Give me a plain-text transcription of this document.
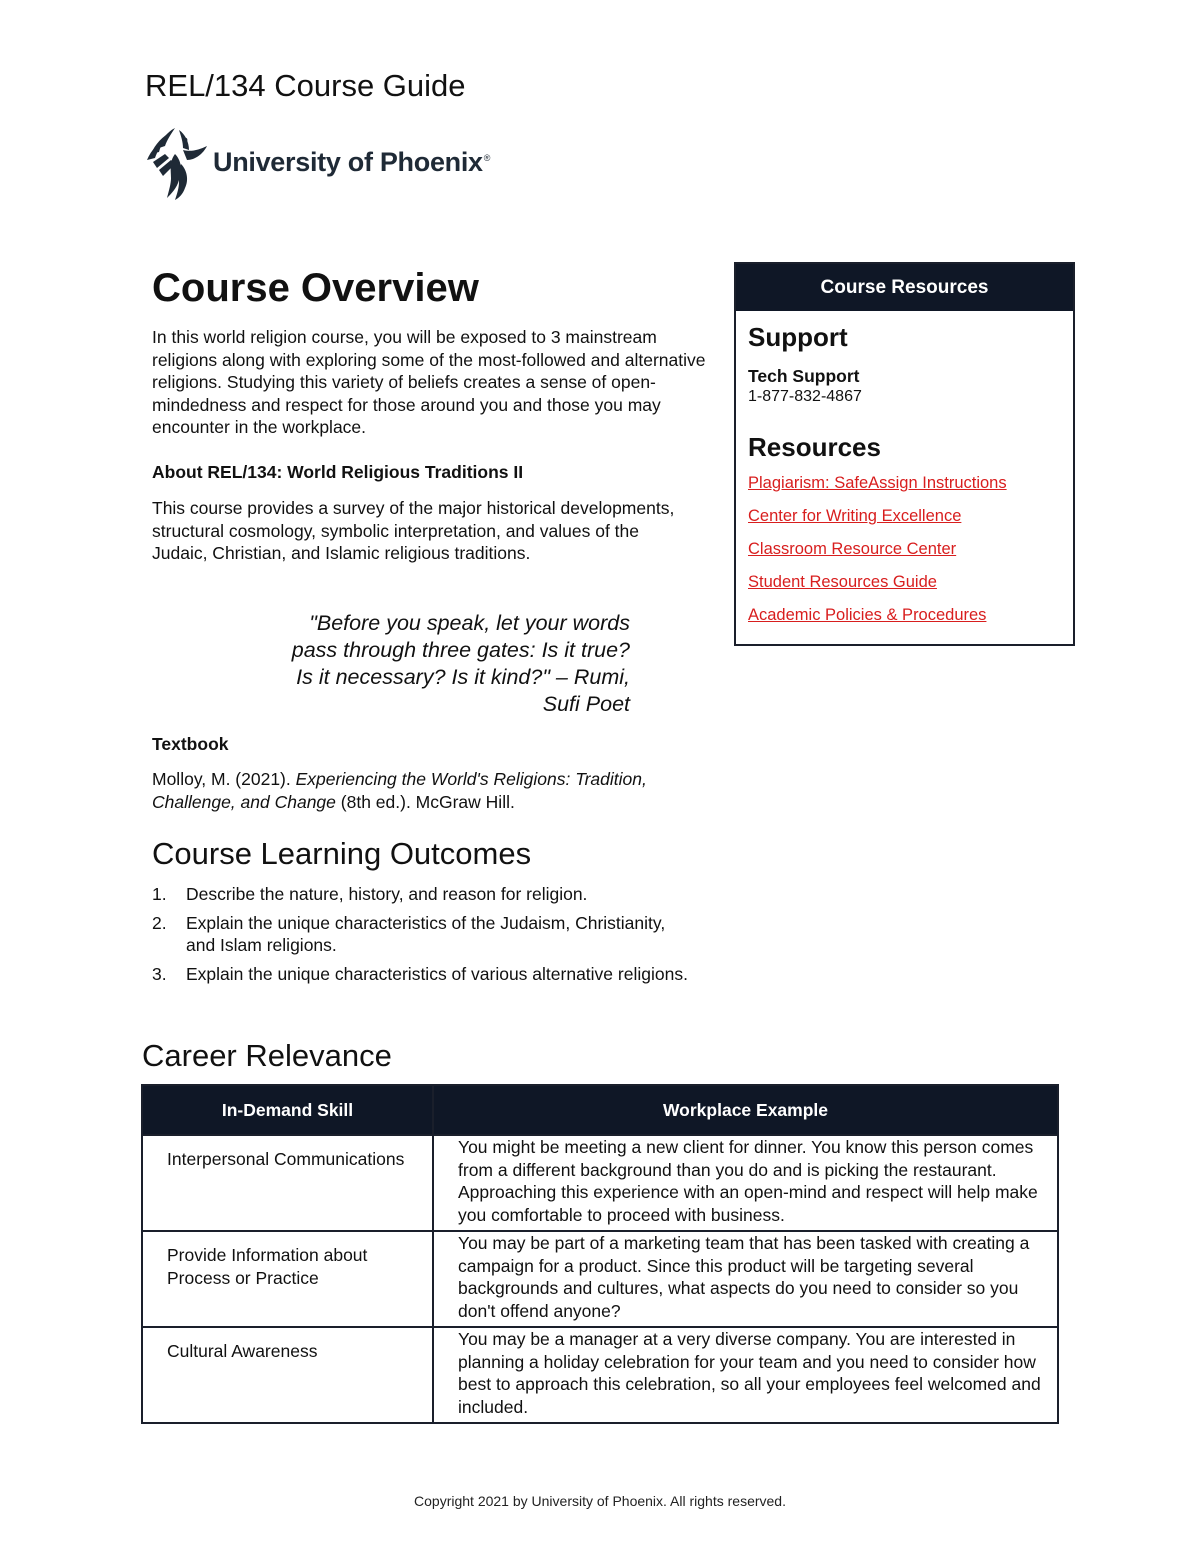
REL/134 Course Guide
University of Phoenix®
Course Overview
In this world religion course, you will be exposed to 3 mainstream religions along with exploring some of the most-followed and alternative religions. Studying this variety of beliefs creates a sense of open-mindedness and respect for those around you and those you may encounter in the workplace.
About REL/134: World Religious Traditions II
This course provides a survey of the major historical developments, structural cosmology, symbolic interpretation, and values of the Judaic, Christian, and Islamic religious traditions.
"Before you speak, let your words
pass through three gates: Is it true?
Is it necessary? Is it kind?" – Rumi,
Sufi Poet
Textbook
Molloy, M. (2021). Experiencing the World's Religions: Tradition, Challenge, and Change (8th ed.). McGraw Hill.
Course Learning Outcomes
1. Describe the nature, history, and reason for religion.
2. Explain the unique characteristics of the Judaism, Christianity, and Islam religions.
3. Explain the unique characteristics of various alternative religions.
Course Resources
Support
Tech Support
1-877-832-4867
Resources
Plagiarism: SafeAssign Instructions
Center for Writing Excellence
Classroom Resource Center
Student Resources Guide
Academic Policies & Procedures
Career Relevance
In-Demand Skill	Workplace Example
Interpersonal Communications	You might be meeting a new client for dinner. You know this person comes from a different background than you do and is picking the restaurant. Approaching this experience with an open-mind and respect will help make you comfortable to proceed with business.
Provide Information about Process or Practice	You may be part of a marketing team that has been tasked with creating a campaign for a product. Since this product will be targeting several backgrounds and cultures, what aspects do you need to consider so you don't offend anyone?
Cultural Awareness	You may be a manager at a very diverse company. You are interested in planning a holiday celebration for your team and you need to consider how best to approach this celebration, so all your employees feel welcomed and included.
Copyright 2021 by University of Phoenix. All rights reserved.
